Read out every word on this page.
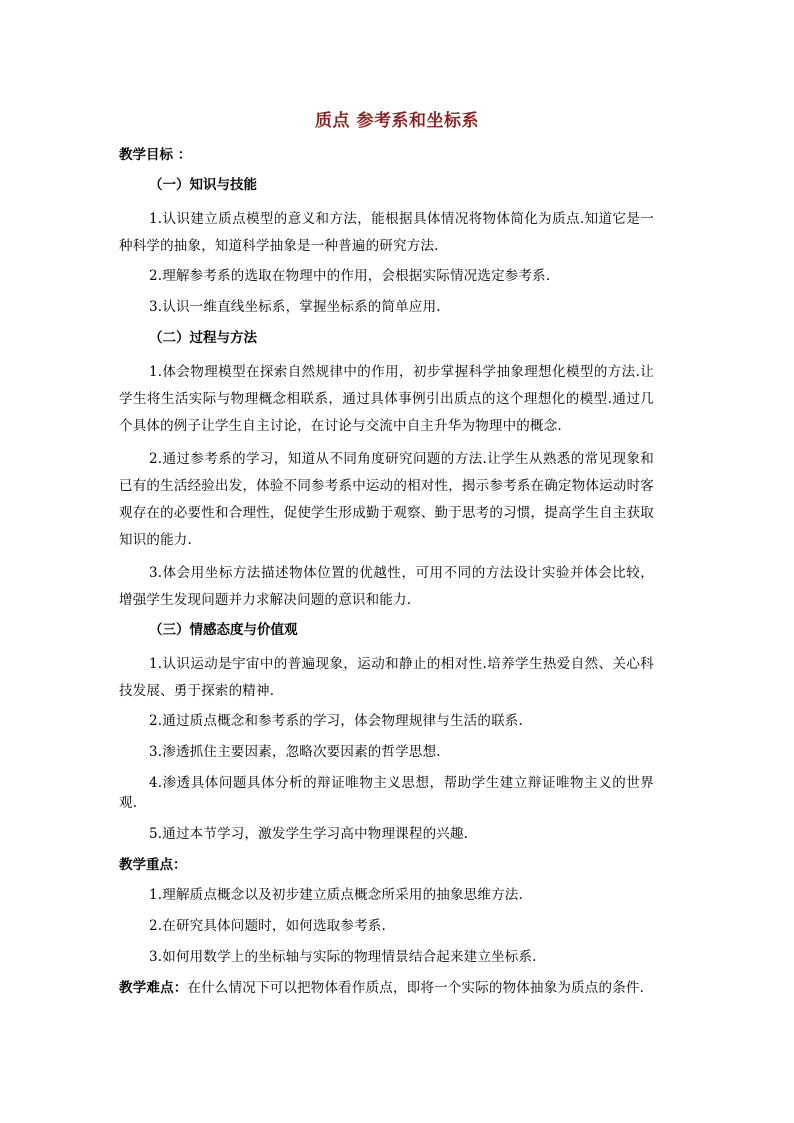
质点 参考系和坐标系
教学目标 ：
（一）知识与技能

1.认识建立质点模型的意义和方法，能根据具体情况将物体简化为质点.知道它是一种科学的抽象，知道科学抽象是一种普遍的研究方法.

2.理解参考系的选取在物理中的作用，会根据实际情况选定参考系.

3.认识一维直线坐标系，掌握坐标系的简单应用.

（二）过程与方法

1.体会物理模型在探索自然规律中的作用，初步掌握科学抽象理想化模型的方法.让学生将生活实际与物理概念相联系，通过具体事例引出质点的这个理想化的模型.通过几个具体的例子让学生自主讨论，在讨论与交流中自主升华为物理中的概念.

2.通过参考系的学习，知道从不同角度研究问题的方法.让学生从熟悉的常见现象和已有的生活经验出发，体验不同参考系中运动的相对性，揭示参考系在确定物体运动时客观存在的必要性和合理性，促使学生形成勤于观察、勤于思考的习惯，提高学生自主获取知识的能力.

3.体会用坐标方法描述物体位置的优越性，可用不同的方法设计实验并体会比较，增强学生发现问题并力求解决问题的意识和能力.

（三）情感态度与价值观

1.认识运动是宇宙中的普遍现象，运动和静止的相对性.培养学生热爱自然、关心科技发展、勇于探索的精神.

2.通过质点概念和参考系的学习，体会物理规律与生活的联系.

3.渗透抓住主要因素，忽略次要因素的哲学思想.

4.渗透具体问题具体分析的辩证唯物主义思想，帮助学生建立辩证唯物主义的世界观.

5.通过本节学习，激发学生学习高中物理课程的兴趣.

教学重点：

1.理解质点概念以及初步建立质点概念所采用的抽象思维方法.

2.在研究具体问题时，如何选取参考系.

3.如何用数学上的坐标轴与实际的物理情景结合起来建立坐标系.

教学难点：在什么情况下可以把物体看作质点，即将一个实际的物体抽象为质点的条件.
